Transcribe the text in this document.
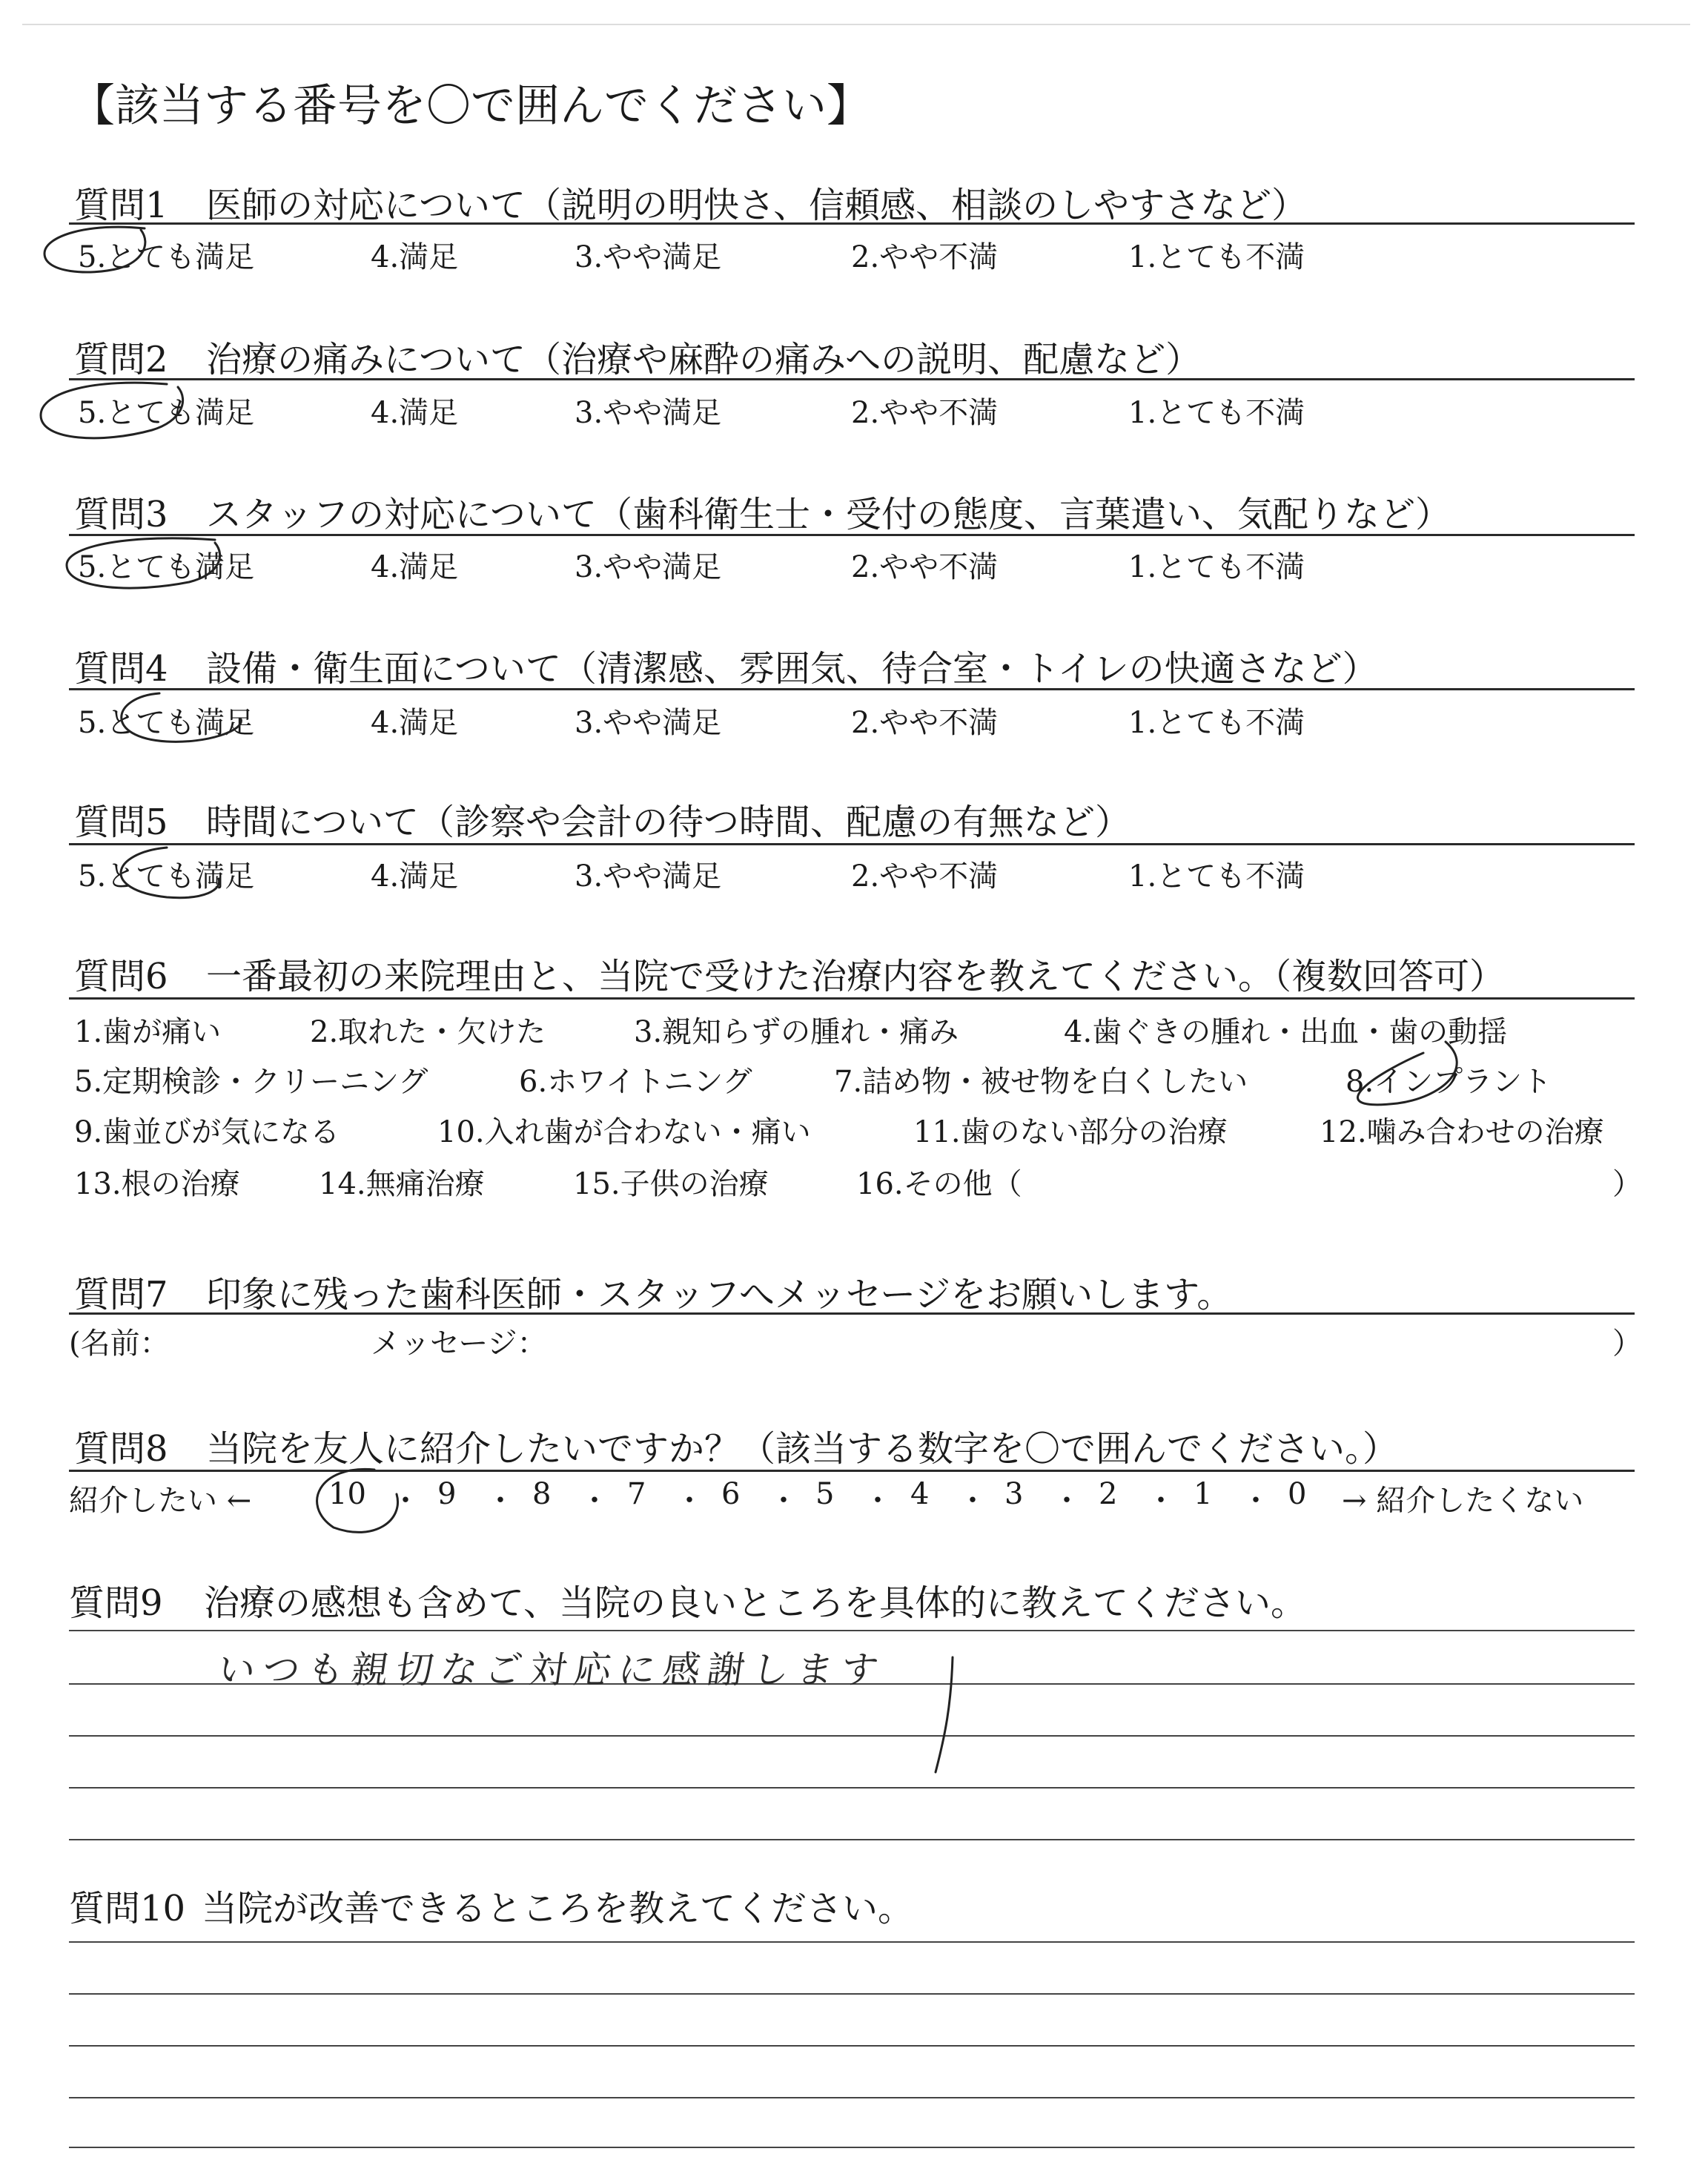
【該当する番号を〇で囲んでください】
質問1 医師の対応について（説明の明快さ、信頼感、相談のしやすさなど）
5.とても満足	4.満足	3.やや満足	2.やや不満	1.とても不満
質問2 治療の痛みについて（治療や麻酔の痛みへの説明、配慮など）
5.とても満足	4.満足	3.やや満足	2.やや不満	1.とても不満
質問3 スタッフの対応について（歯科衛生士・受付の態度、言葉遣い、気配りなど）
5.とても満足	4.満足	3.やや満足	2.やや不満	1.とても不満
質問4 設備・衛生面について（清潔感、雰囲気、待合室・トイレの快適さなど）
5.とても満足	4.満足	3.やや満足	2.やや不満	1.とても不満
質問5 時間について（診察や会計の待つ時間、配慮の有無など）
5.とても満足	4.満足	3.やや満足	2.やや不満	1.とても不満
質問6 一番最初の来院理由と、当院で受けた治療内容を教えてください。（複数回答可）
1.歯が痛い	2.取れた・欠けた	3.親知らずの腫れ・痛み	4.歯ぐきの腫れ・出血・歯の動揺
5.定期検診・クリーニング	6.ホワイトニング	7.詰め物・被せ物を白くしたい	8.インプラント
9.歯並びが気になる	10.入れ歯が合わない・痛い	11.歯のない部分の治療	12.噛み合わせの治療
13.根の治療	14.無痛治療	15.子供の治療	16.その他（	）
質問7 印象に残った歯科医師・スタッフへメッセージをお願いします。
(名前：	メッセージ：	）
質問8 当院を友人に紹介したいですか？（該当する数字を〇で囲んでください。）
紹介したい ←	10 ・ 9 ・ 8 ・ 7 ・ 6 ・ 5 ・ 4 ・ 3 ・ 2 ・ 1 ・ 0 → 紹介したくない
質問9 治療の感想も含めて、当院の良いところを具体的に教えてください。
いつも親切なご対応に感謝します
質問10 当院が改善できるところを教えてください。
